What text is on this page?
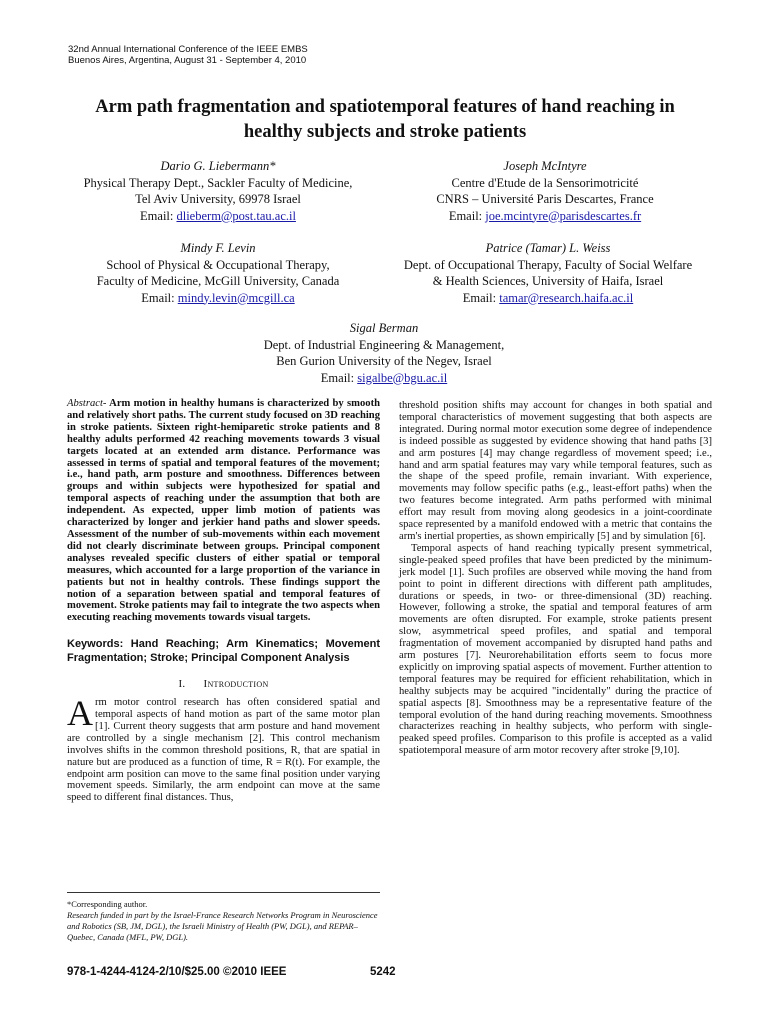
32nd Annual International Conference of the IEEE EMBS
Buenos Aires, Argentina, August 31 - September 4, 2010
Arm path fragmentation and spatiotemporal features of hand reaching in
healthy subjects and stroke patients
Dario G. Liebermann*
Physical Therapy Dept., Sackler Faculty of Medicine,
Tel Aviv University, 69978 Israel
Email: dlieberm@post.tau.ac.il
Joseph McIntyre
Centre d'Etude de la Sensorimotricité
CNRS – Université Paris Descartes, France
Email: joe.mcintyre@parisdescartes.fr
Mindy F. Levin
School of Physical & Occupational Therapy,
Faculty of Medicine, McGill University, Canada
Email: mindy.levin@mcgill.ca
Patrice (Tamar) L. Weiss
Dept. of Occupational Therapy, Faculty of Social Welfare
& Health Sciences, University of Haifa, Israel
Email: tamar@research.haifa.ac.il
Sigal Berman
Dept. of Industrial Engineering & Management,
Ben Gurion University of the Negev, Israel
Email: sigalbe@bgu.ac.il
Abstract- Arm motion in healthy humans is characterized by smooth and relatively short paths. The current study focused on 3D reaching in stroke patients. Sixteen right-hemiparetic stroke patients and 8 healthy adults performed 42 reaching movements towards 3 visual targets located at an extended arm distance. Performance was assessed in terms of spatial and temporal features of the movement; i.e., hand path, arm posture and smoothness. Differences between groups and within subjects were hypothesized for spatial and temporal aspects of reaching under the assumption that both are independent. As expected, upper limb motion of patients was characterized by longer and jerkier hand paths and slower speeds. Assessment of the number of sub-movements within each movement did not clearly discriminate between groups. Principal component analyses revealed specific clusters of either spatial or temporal measures, which accounted for a large proportion of the variance in patients but not in healthy controls. These findings support the notion of a separation between spatial and temporal features of movement. Stroke patients may fail to integrate the two aspects when executing reaching movements towards visual targets.
Keywords: Hand Reaching; Arm Kinematics; Movement Fragmentation; Stroke; Principal Component Analysis
I. Introduction
Arm motor control research has often considered spatial and temporal aspects of hand motion as part of the same motor plan [1]. Current theory suggests that arm posture and hand movement are controlled by a single mechanism [2]. This control mechanism involves shifts in the common threshold positions, R, that are spatial in nature but are produced as a function of time, R = R(t). For example, the endpoint arm position can move to the same final position under varying movement speeds. Similarly, the arm endpoint can move at the same speed to different final distances. Thus,

threshold position shifts may account for changes in both spatial and temporal characteristics of movement suggesting that both aspects are integrated. During normal motor execution some degree of independence is indeed possible as suggested by evidence showing that hand paths [3] and arm postures [4] may change regardless of movement speed; i.e., hand and arm spatial features may vary while temporal features, such as the shape of the speed profile, remain invariant. With experience, movements may follow specific paths (e.g., least-effort paths) when the two features become integrated. Arm paths performed with minimal effort may result from moving along geodesics in a joint-coordinate space represented by a manifold endowed with a metric that contains the arm's inertial properties, as shown empirically [5] and by simulation [6].

Temporal aspects of hand reaching typically present symmetrical, single-peaked speed profiles that have been predicted by the minimum-jerk model [1]. Such profiles are observed while moving the hand from point to point in different directions with different path amplitudes, durations or speeds, in two- or three-dimensional (3D) reaching. However, following a stroke, the spatial and temporal features of arm movements are often disrupted. For example, stroke patients present slow, asymmetrical speed profiles, and spatial and temporal fragmentation of movement accompanied by disrupted hand paths and arm postures [7]. Neurorehabilitation efforts seem to focus more explicitly on improving spatial aspects of movement. Further attention to temporal features may be required for efficient rehabilitation, which in healthy subjects may be acquired "incidentally" during the practice of spatial aspects [8]. Smoothness may be a representative feature of the temporal evolution of the hand during reaching movements. Smoothness characterizes reaching in healthy subjects, who perform with single-peaked speed profiles. Comparison to this profile is accepted as a valid spatiotemporal measure of arm motor recovery after stroke [9,10].

*Corresponding author.
Research funded in part by the Israel-France Research Networks Program in Neuroscience and Robotics (SB, JM, DGL), the Israeli Ministry of Health (PW, DGL), and REPAR–Quebec, Canada (MFL, PW, DGL).
978-1-4244-4124-2/10/$25.00 ©2010 IEEE	5242
